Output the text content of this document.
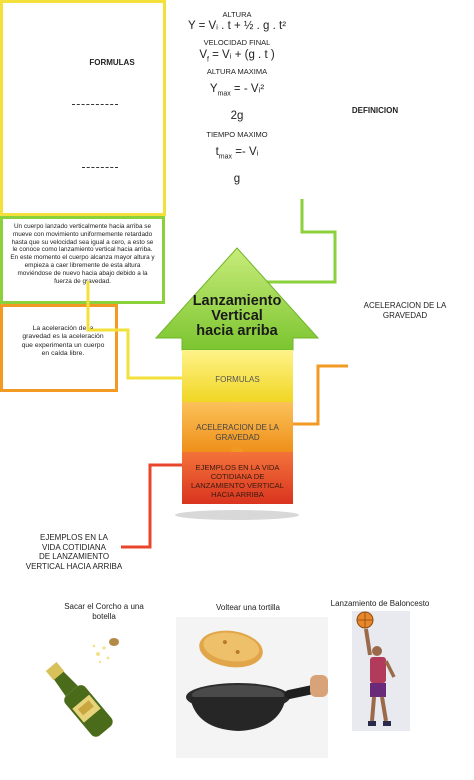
Lanzamiento
Vertical
hacia arriba
FORMULAS
ACELERACION DE LA GRAVEDAD
EJEMPLOS EN LA VIDA COTIDIANA DE LANZAMIENTO VERTICAL HACIA ARRIBA
FORMULAS
ALTURA
Y = Vᵢ . t + ½ . g . t²
VELOCIDAD FINAL
$V_f$ = Vᵢ + (g . t )
ALTURA MAXIMA
$Y_{max}$ = - Vᵢ²
2g
TIEMPO MAXIMO
$t_{max}$ =- Vᵢ
g
DEFINICION
Un cuerpo lanzado verticalmente hacia arriba se mueve con movimiento uniformemente retardado hasta que su velocidad sea igual a cero, a esto se le conoce como lanzamiento vertical hacia arriba. En este momento el cuerpo alcanza mayor altura y empieza a caer libremente de esta altura moviéndose de nuevo hacia abajo debido a la fuerza de gravedad.
ACELERACION DE LA
GRAVEDAD
La aceleración de la gravedad es la aceleración que experimenta un cuerpo en caída libre.
EJEMPLOS EN LA
VIDA COTIDIANA
DE LANZAMIENTO
VERTICAL HACIA ARRIBA
Sacar el Corcho a una botella
Voltear una tortilla	Lanzamiento de Baloncesto
